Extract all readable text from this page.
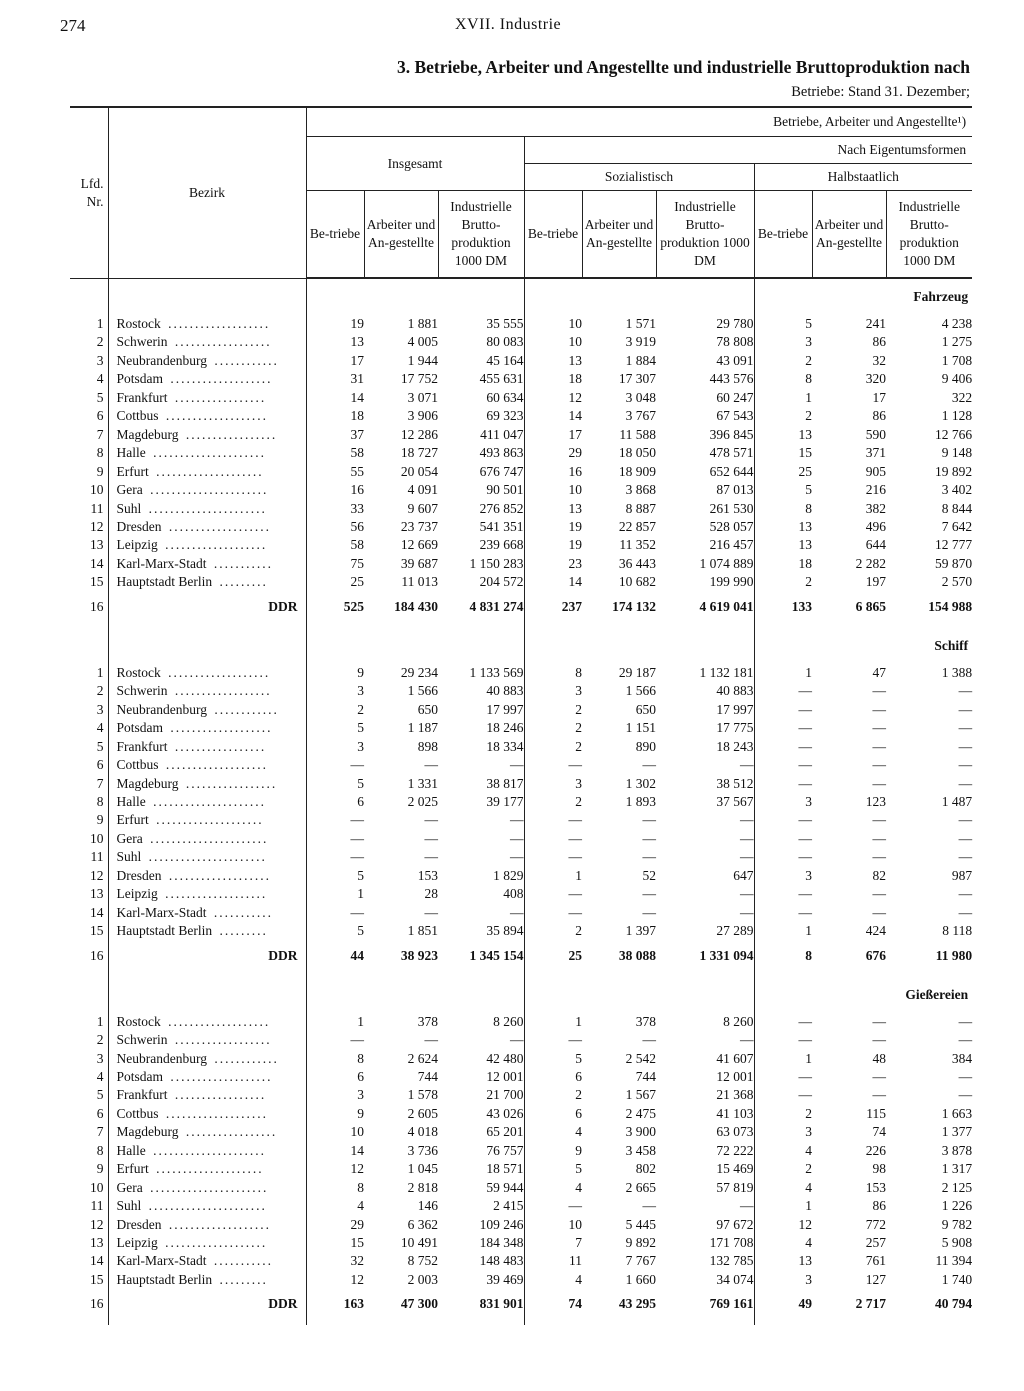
274	XVII. Industrie
3. Betriebe, Arbeiter und Angestellte und industrielle Bruttoproduktion nach
Betriebe: Stand 31. Dezember;
Lfd. Nr.	Bezirk	Betriebe, Arbeiter und Angestellte¹)								
		Insgesamt			Nach Eigentumsformen					
					Sozialistisch			Halbstaatlich		
		Be-triebe	Arbeiter und An-gestellte	Industrielle Brutto-produktion 1000 DM	Be-triebe	Arbeiter und An-gestellte	Industrielle Brutto-produktion 1000 DM	Be-triebe	Arbeiter und An-gestellte	Industrielle Brutto-produktion 1000 DM
										Fahrzeug
1	Rostock ...................	19	1 881	35 555	10	1 571	29 780	5	241	4 238
2	Schwerin ..................	13	4 005	80 083	10	3 919	78 808	3	86	1 275
3	Neubrandenburg ............	17	1 944	45 164	13	1 884	43 091	2	32	1 708
4	Potsdam ...................	31	17 752	455 631	18	17 307	443 576	8	320	9 406
5	Frankfurt .................	14	3 071	60 634	12	3 048	60 247	1	17	322
6	Cottbus ...................	18	3 906	69 323	14	3 767	67 543	2	86	1 128
7	Magdeburg .................	37	12 286	411 047	17	11 588	396 845	13	590	12 766
8	Halle .....................	58	18 727	493 863	29	18 050	478 571	15	371	9 148
9	Erfurt ....................	55	20 054	676 747	16	18 909	652 644	25	905	19 892
10	Gera ......................	16	4 091	90 501	10	3 868	87 013	5	216	3 402
11	Suhl ......................	33	9 607	276 852	13	8 887	261 530	8	382	8 844
12	Dresden ...................	56	23 737	541 351	19	22 857	528 057	13	496	7 642
13	Leipzig ...................	58	12 669	239 668	19	11 352	216 457	13	644	12 777
14	Karl-Marx-Stadt ...........	75	39 687	1 150 283	23	36 443	1 074 889	18	2 282	59 870
15	Hauptstadt Berlin .........	25	11 013	204 572	14	10 682	199 990	2	197	2 570
16	DDR	525	184 430	4 831 274	237	174 132	4 619 041	133	6 865	154 988
										Schiff
1	Rostock ...................	9	29 234	1 133 569	8	29 187	1 132 181	1	47	1 388
2	Schwerin ..................	3	1 566	40 883	3	1 566	40 883	—	—	—
3	Neubrandenburg ............	2	650	17 997	2	650	17 997	—	—	—
4	Potsdam ...................	5	1 187	18 246	2	1 151	17 775	—	—	—
5	Frankfurt .................	3	898	18 334	2	890	18 243	—	—	—
6	Cottbus ...................	—	—	—	—	—	—	—	—	—
7	Magdeburg .................	5	1 331	38 817	3	1 302	38 512	—	—	—
8	Halle .....................	6	2 025	39 177	2	1 893	37 567	3	123	1 487
9	Erfurt ....................	—	—	—	—	—	—	—	—	—
10	Gera ......................	—	—	—	—	—	—	—	—	—
11	Suhl ......................	—	—	—	—	—	—	—	—	—
12	Dresden ...................	5	153	1 829	1	52	647	3	82	987
13	Leipzig ...................	1	28	408	—	—	—	—	—	—
14	Karl-Marx-Stadt ...........	—	—	—	—	—	—	—	—	—
15	Hauptstadt Berlin .........	5	1 851	35 894	2	1 397	27 289	1	424	8 118
16	DDR	44	38 923	1 345 154	25	38 088	1 331 094	8	676	11 980
										Gießereien
1	Rostock ...................	1	378	8 260	1	378	8 260	—	—	—
2	Schwerin ..................	—	—	—	—	—	—	—	—	—
3	Neubrandenburg ............	8	2 624	42 480	5	2 542	41 607	1	48	384
4	Potsdam ...................	6	744	12 001	6	744	12 001	—	—	—
5	Frankfurt .................	3	1 578	21 700	2	1 567	21 368	—	—	—
6	Cottbus ...................	9	2 605	43 026	6	2 475	41 103	2	115	1 663
7	Magdeburg .................	10	4 018	65 201	4	3 900	63 073	3	74	1 377
8	Halle .....................	14	3 736	76 757	9	3 458	72 222	4	226	3 878
9	Erfurt ....................	12	1 045	18 571	5	802	15 469	2	98	1 317
10	Gera ......................	8	2 818	59 944	4	2 665	57 819	4	153	2 125
11	Suhl ......................	4	146	2 415	—	—	—	1	86	1 226
12	Dresden ...................	29	6 362	109 246	10	5 445	97 672	12	772	9 782
13	Leipzig ...................	15	10 491	184 348	7	9 892	171 708	4	257	5 908
14	Karl-Marx-Stadt ...........	32	8 752	148 483	11	7 767	132 785	13	761	11 394
15	Hauptstadt Berlin .........	12	2 003	39 469	4	1 660	34 074	3	127	1 740
16	DDR	163	47 300	831 901	74	43 295	769 161	49	2 717	40 794
